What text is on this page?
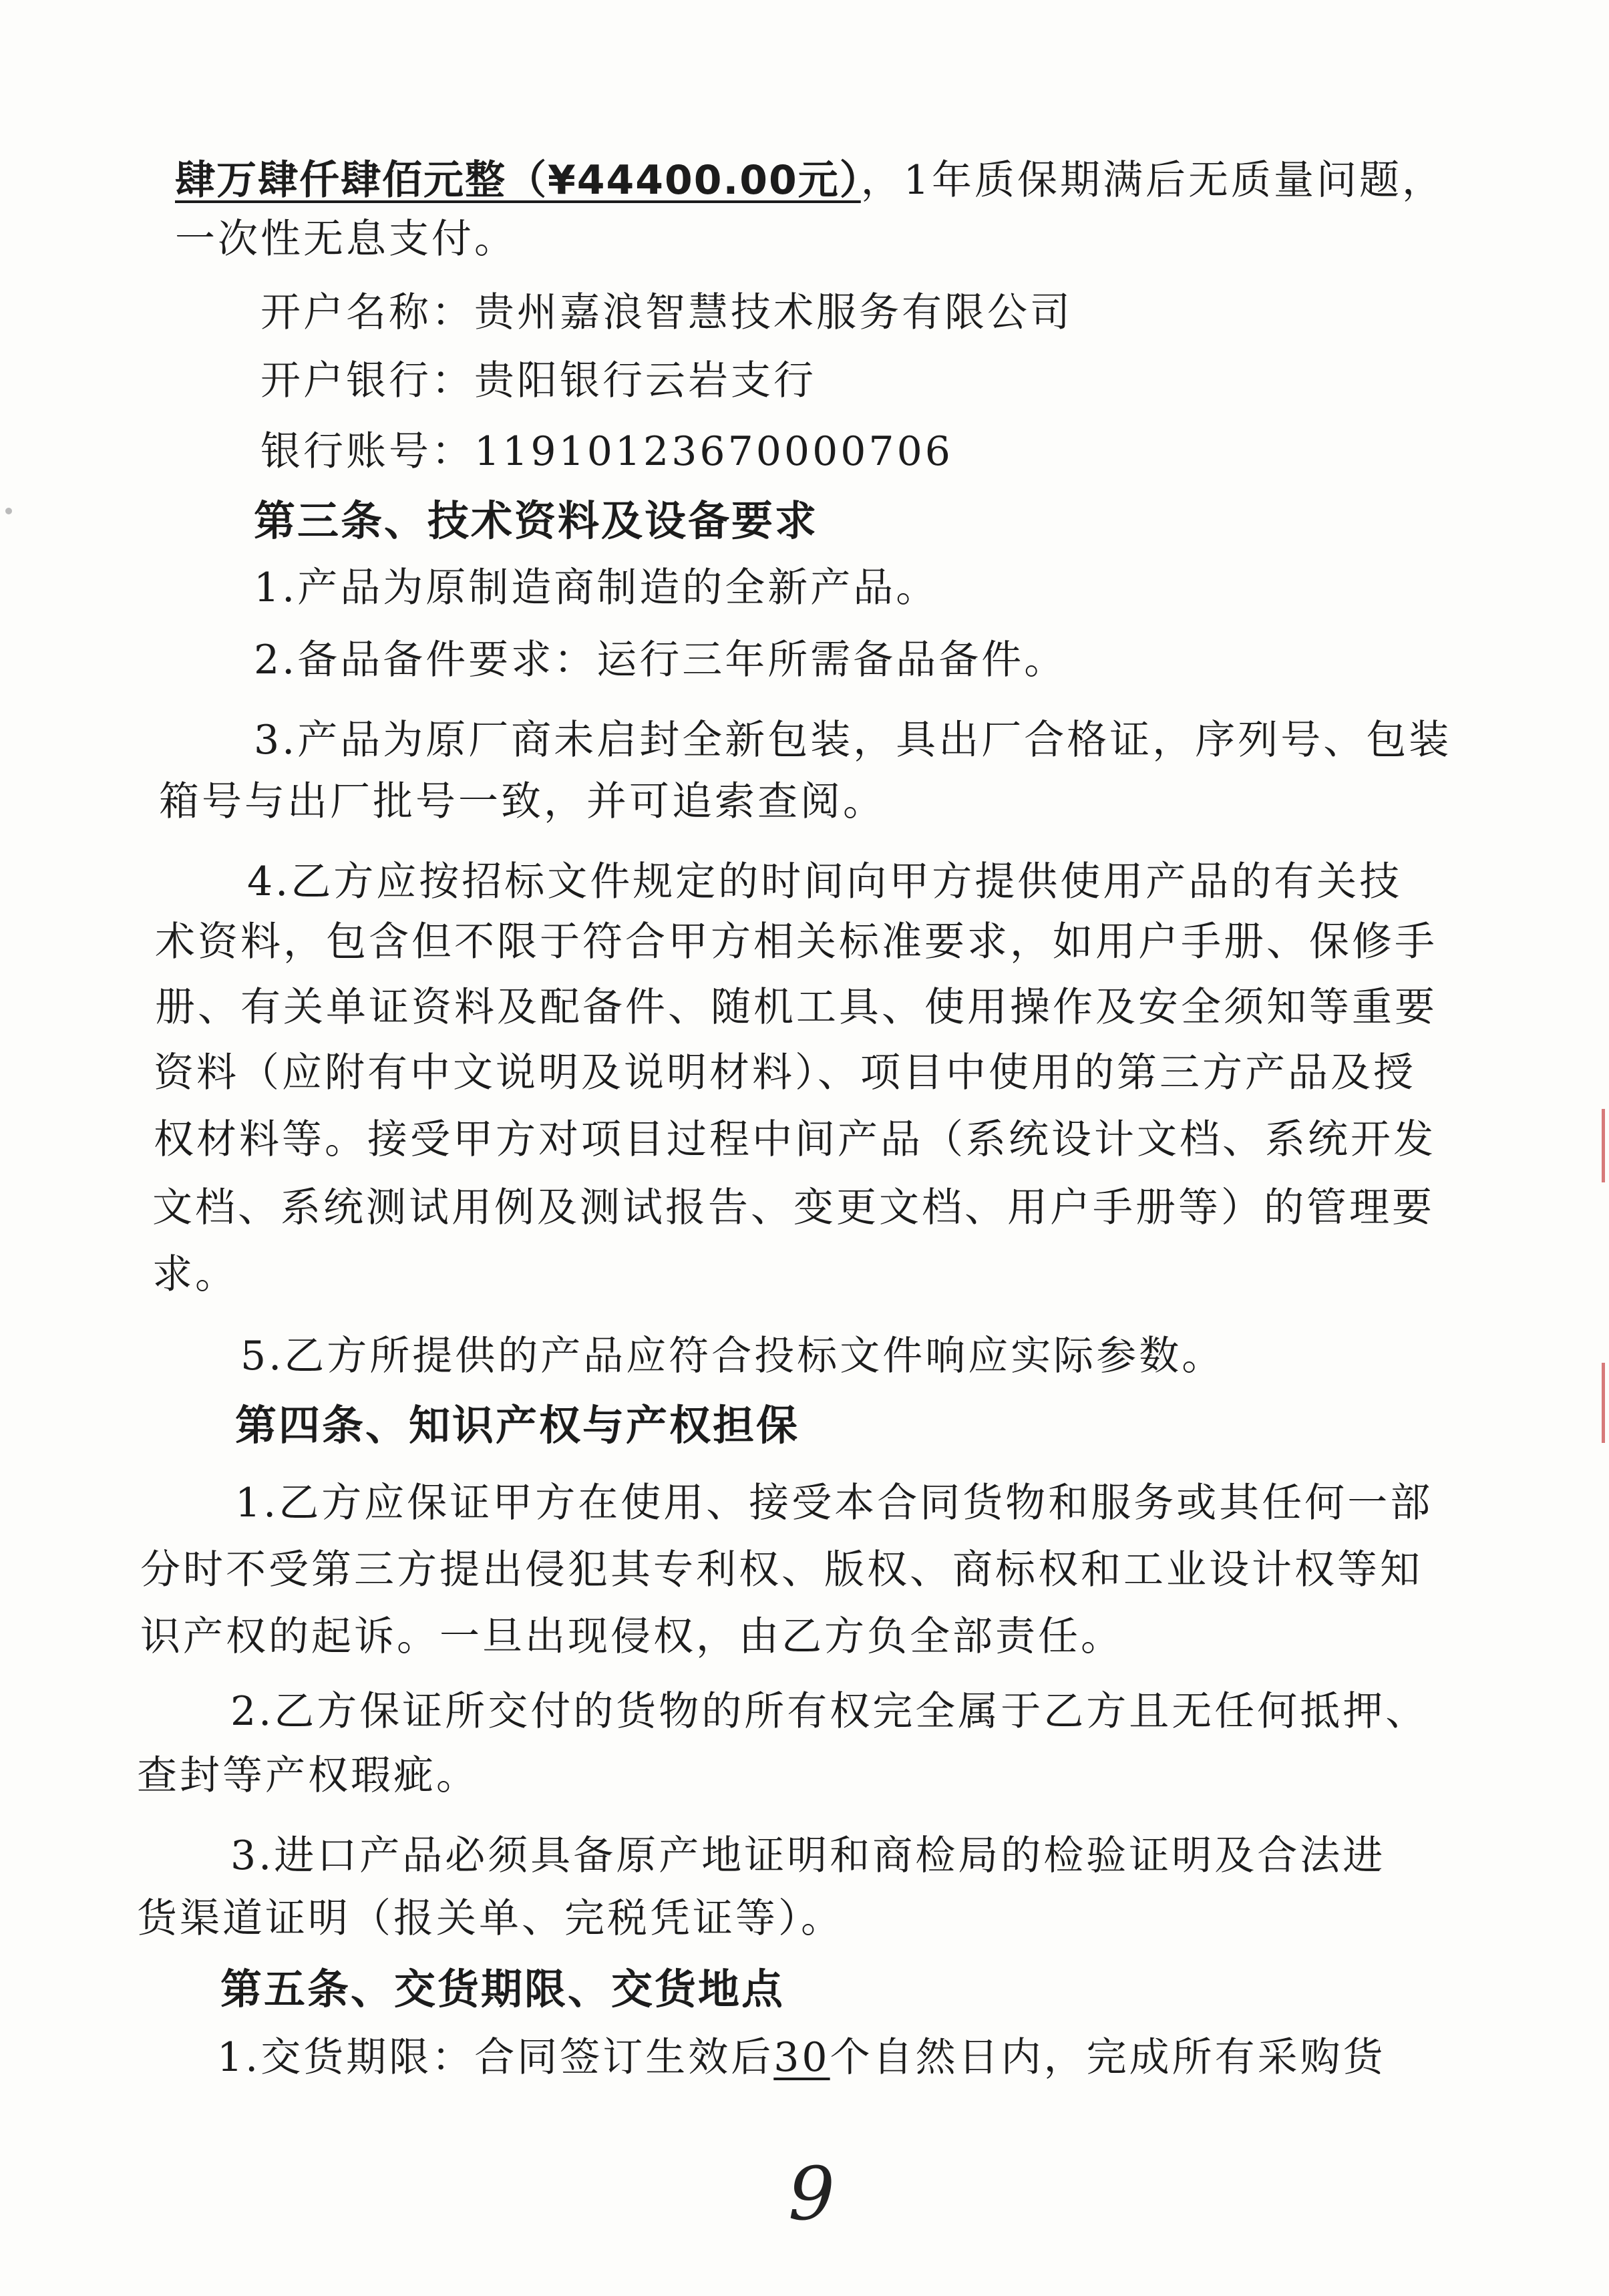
肆万肆仟肆佰元整（¥44400.00元），1年质保期满后无质量问题，
一次性无息支付。
开户名称：贵州嘉浪智慧技术服务有限公司
开户银行：贵阳银行云岩支行
银行账号：11910123670000706
第三条、技术资料及设备要求
1.产品为原制造商制造的全新产品。
2.备品备件要求：运行三年所需备品备件。
3.产品为原厂商未启封全新包装，具出厂合格证，序列号、包装
箱号与出厂批号一致，并可追索查阅。
4.乙方应按招标文件规定的时间向甲方提供使用产品的有关技
术资料，包含但不限于符合甲方相关标准要求，如用户手册、保修手
册、有关单证资料及配备件、随机工具、使用操作及安全须知等重要
资料（应附有中文说明及说明材料）、项目中使用的第三方产品及授
权材料等。接受甲方对项目过程中间产品（系统设计文档、系统开发
文档、系统测试用例及测试报告、变更文档、用户手册等）的管理要
求。
5.乙方所提供的产品应符合投标文件响应实际参数。
第四条、知识产权与产权担保
1.乙方应保证甲方在使用、接受本合同货物和服务或其任何一部
分时不受第三方提出侵犯其专利权、版权、商标权和工业设计权等知
识产权的起诉。一旦出现侵权，由乙方负全部责任。
2.乙方保证所交付的货物的所有权完全属于乙方且无任何抵押、
查封等产权瑕疵。
3.进口产品必须具备原产地证明和商检局的检验证明及合法进
货渠道证明（报关单、完税凭证等）。
第五条、交货期限、交货地点
1.交货期限：合同签订生效后30个自然日内，完成所有采购货
9
